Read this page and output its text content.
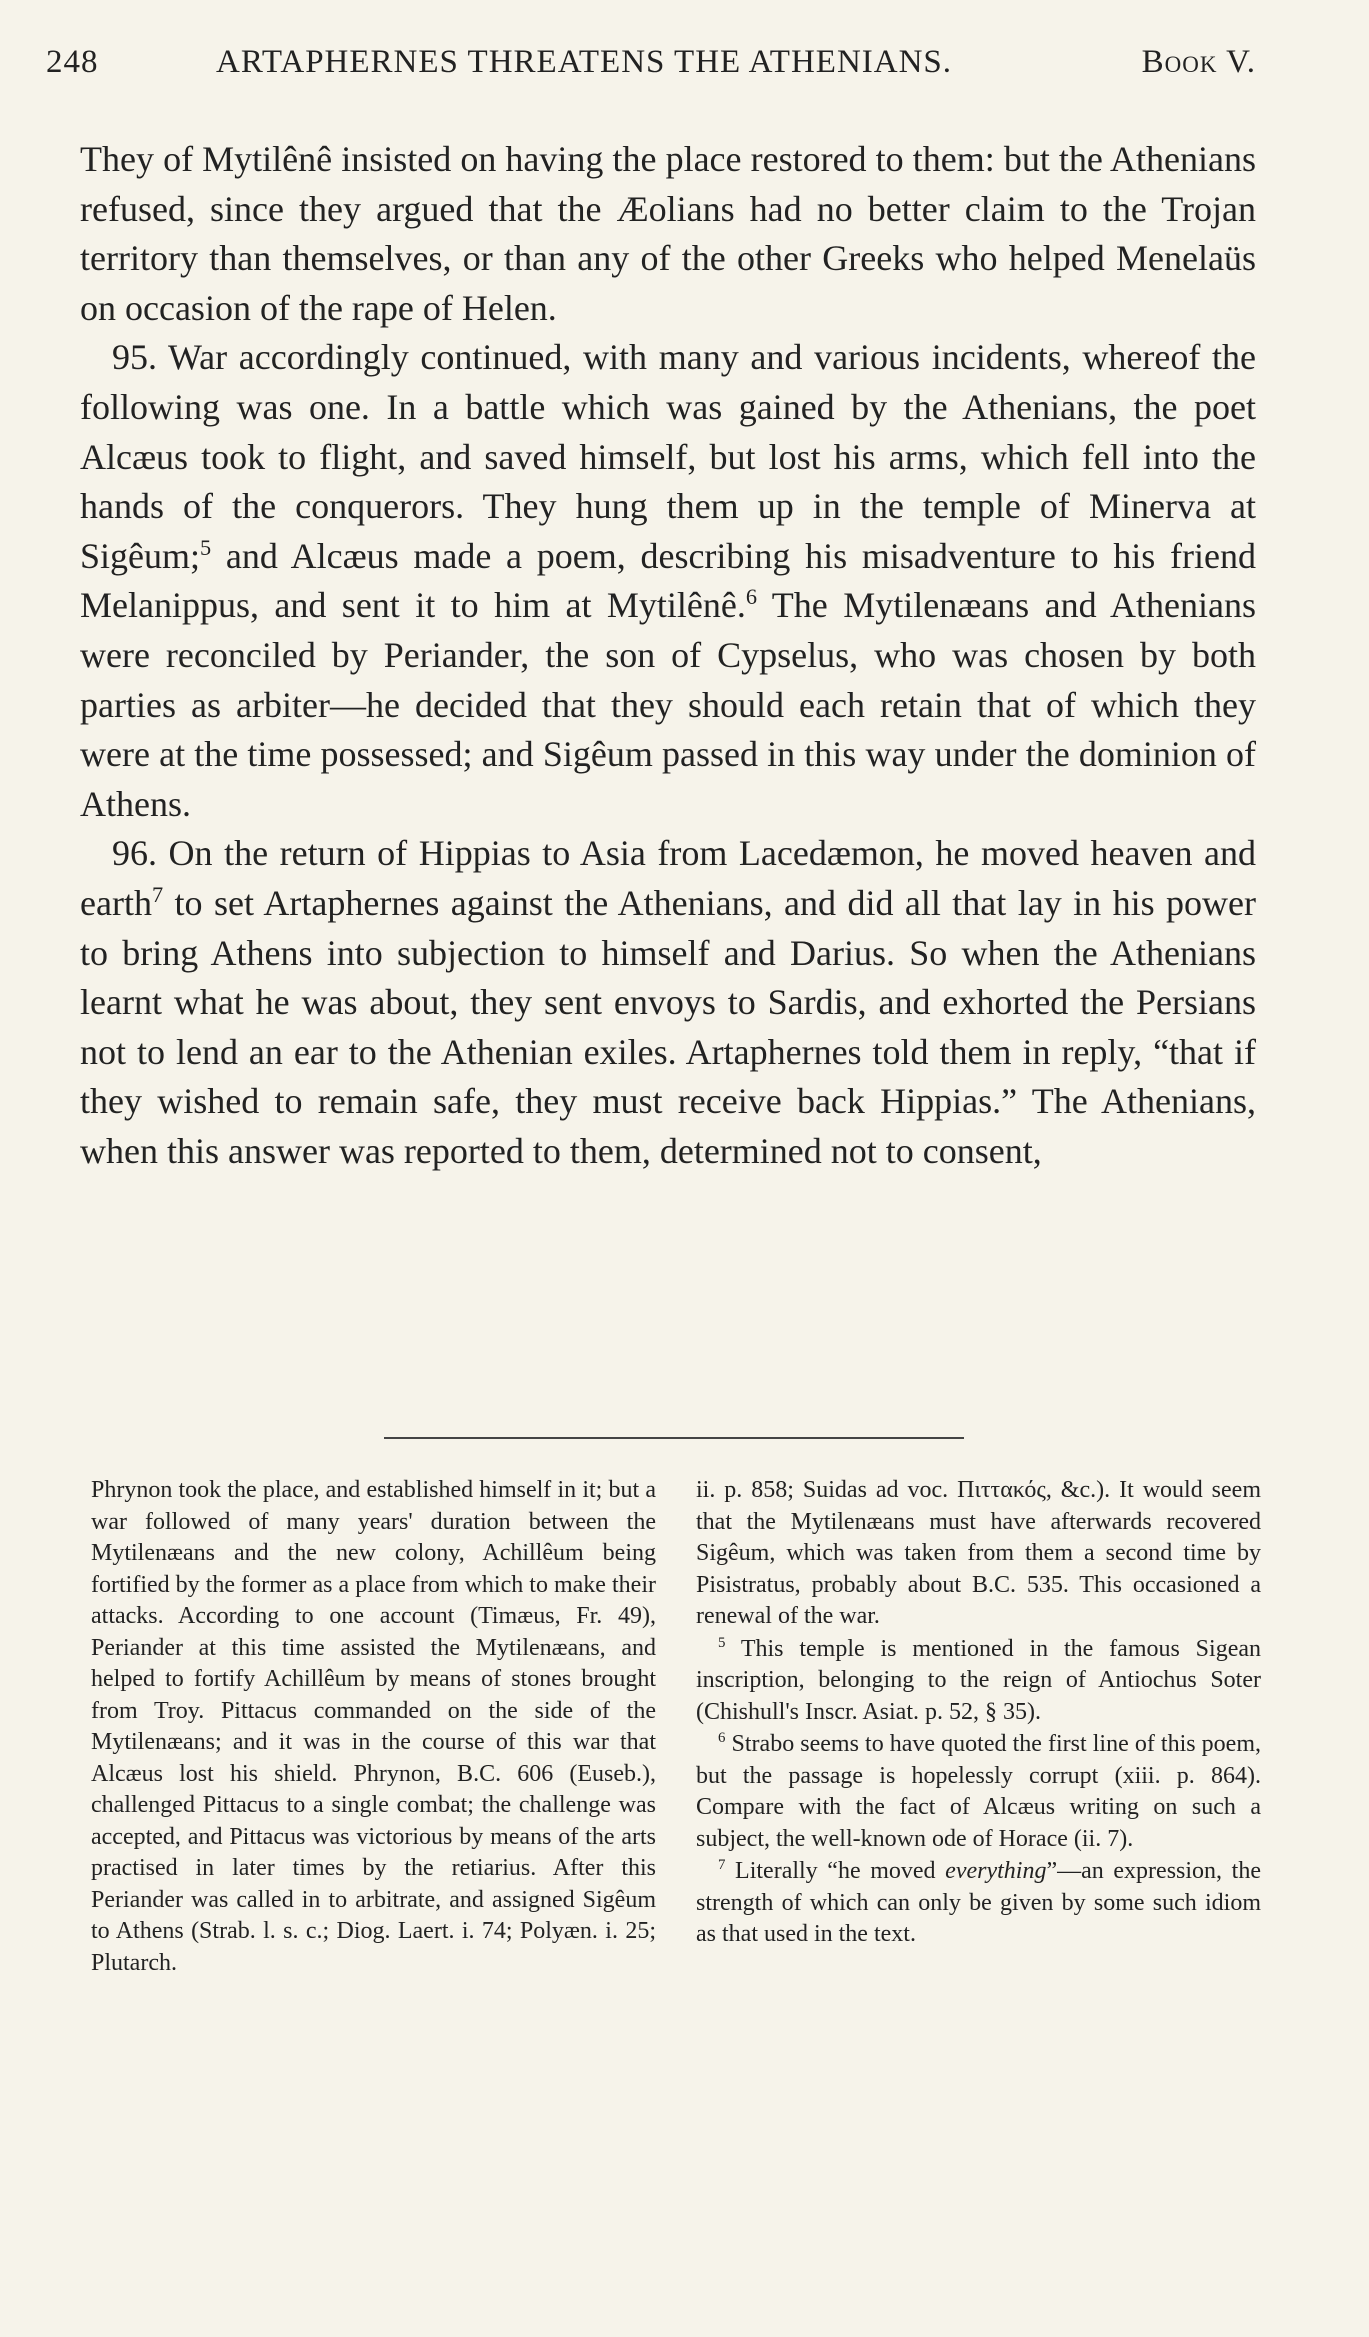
248	ARTAPHERNES THREATENS THE ATHENIANS.	Book V.

They of Mytilênê insisted on having the place restored to them: but the Athenians refused, since they argued that the Æolians had no better claim to the Trojan territory than themselves, or than any of the other Greeks who helped Menelaüs on occasion of the rape of Helen.

95. War accordingly continued, with many and various incidents, whereof the following was one. In a battle which was gained by the Athenians, the poet Alcæus took to flight, and saved himself, but lost his arms, which fell into the hands of the conquerors. They hung them up in the temple of Minerva at Sigêum;$^5$ and Alcæus made a poem, describing his misadventure to his friend Melanippus, and sent it to him at Mytilênê.$^6$ The Mytilenæans and Athenians were reconciled by Periander, the son of Cypselus, who was chosen by both parties as arbiter—he decided that they should each retain that of which they were at the time possessed; and Sigêum passed in this way under the dominion of Athens.

96. On the return of Hippias to Asia from Lacedæmon, he moved heaven and earth$^7$ to set Artaphernes against the Athenians, and did all that lay in his power to bring Athens into subjection to himself and Darius. So when the Athenians learnt what he was about, they sent envoys to Sardis, and exhorted the Persians not to lend an ear to the Athenian exiles. Artaphernes told them in reply, “that if they wished to remain safe, they must receive back Hippias.” The Athenians, when this answer was reported to them, determined not to consent,

Phrynon took the place, and established himself in it; but a war followed of many years' duration between the Mytilenæans and the new colony, Achillêum being fortified by the former as a place from which to make their attacks. According to one account (Timæus, Fr. 49), Periander at this time assisted the Mytilenæans, and helped to fortify Achillêum by means of stones brought from Troy. Pittacus commanded on the side of the Mytilenæans; and it was in the course of this war that Alcæus lost his shield. Phrynon, B.C. 606 (Euseb.), challenged Pittacus to a single combat; the challenge was accepted, and Pittacus was victorious by means of the arts practised in later times by the retiarius. After this Periander was called in to arbitrate, and assigned Sigêum to Athens (Strab. l. s. c.; Diog. Laert. i. 74; Polyæn. i. 25; Plutarch.

ii. p. 858; Suidas ad voc. Πιττακός, &c.). It would seem that the Mytilenæans must have afterwards recovered Sigêum, which was taken from them a second time by Pisistratus, probably about B.C. 535. This occasioned a renewal of the war.

$^5$ This temple is mentioned in the famous Sigean inscription, belonging to the reign of Antiochus Soter (Chishull's Inscr. Asiat. p. 52, § 35).

$^6$ Strabo seems to have quoted the first line of this poem, but the passage is hopelessly corrupt (xiii. p. 864). Compare with the fact of Alcæus writing on such a subject, the well-known ode of Horace (ii. 7).

$^7$ Literally “he moved everything”—an expression, the strength of which can only be given by some such idiom as that used in the text.
